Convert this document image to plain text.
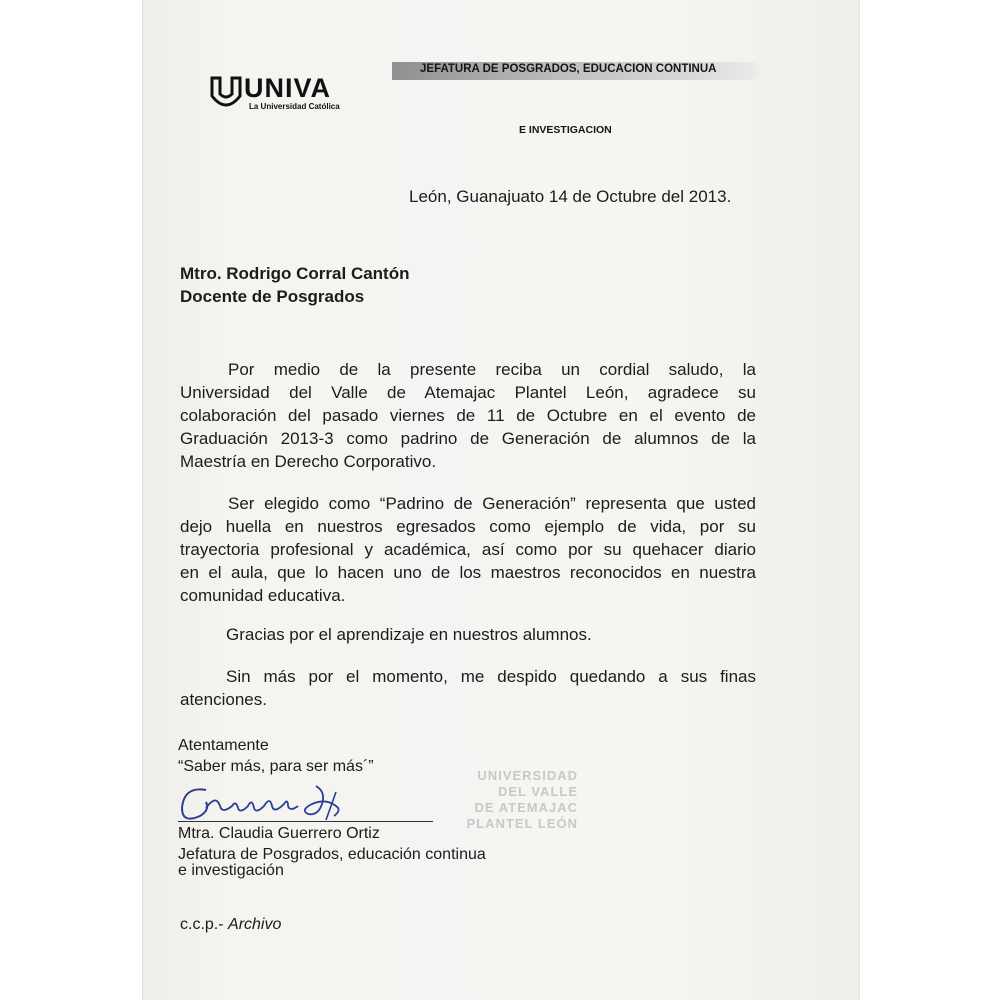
UNIVA
La Universidad Católica
JEFATURA DE POSGRADOS, EDUCACION CONTINUA
E INVESTIGACION
León, Guanajuato 14 de Octubre del 2013.
Mtro. Rodrigo Corral Cantón
Docente de Posgrados
Por medio de la presente reciba un cordial saludo, la
Universidad del Valle de Atemajac Plantel León, agradece su
colaboración del pasado viernes de 11 de Octubre en el evento de
Graduación 2013-3 como padrino de Generación de alumnos de la
Maestría en Derecho Corporativo.
Ser elegido como “Padrino de Generación” representa que usted
dejo huella en nuestros egresados como ejemplo de vida, por su
trayectoria profesional y académica, así como por su quehacer diario
en el aula, que lo hacen uno de los maestros reconocidos en nuestra
comunidad educativa.
Gracias por el aprendizaje en nuestros alumnos.
Sin más por el momento, me despido quedando a sus finas
atenciones.
Atentamente
“Saber más, para ser más´”
UNIVERSIDAD
DEL VALLE
DE ATEMAJAC
PLANTEL LEÓN
Mtra. Claudia Guerrero Ortiz
Jefatura de Posgrados, educación continua
e investigación
c.c.p.- Archivo
